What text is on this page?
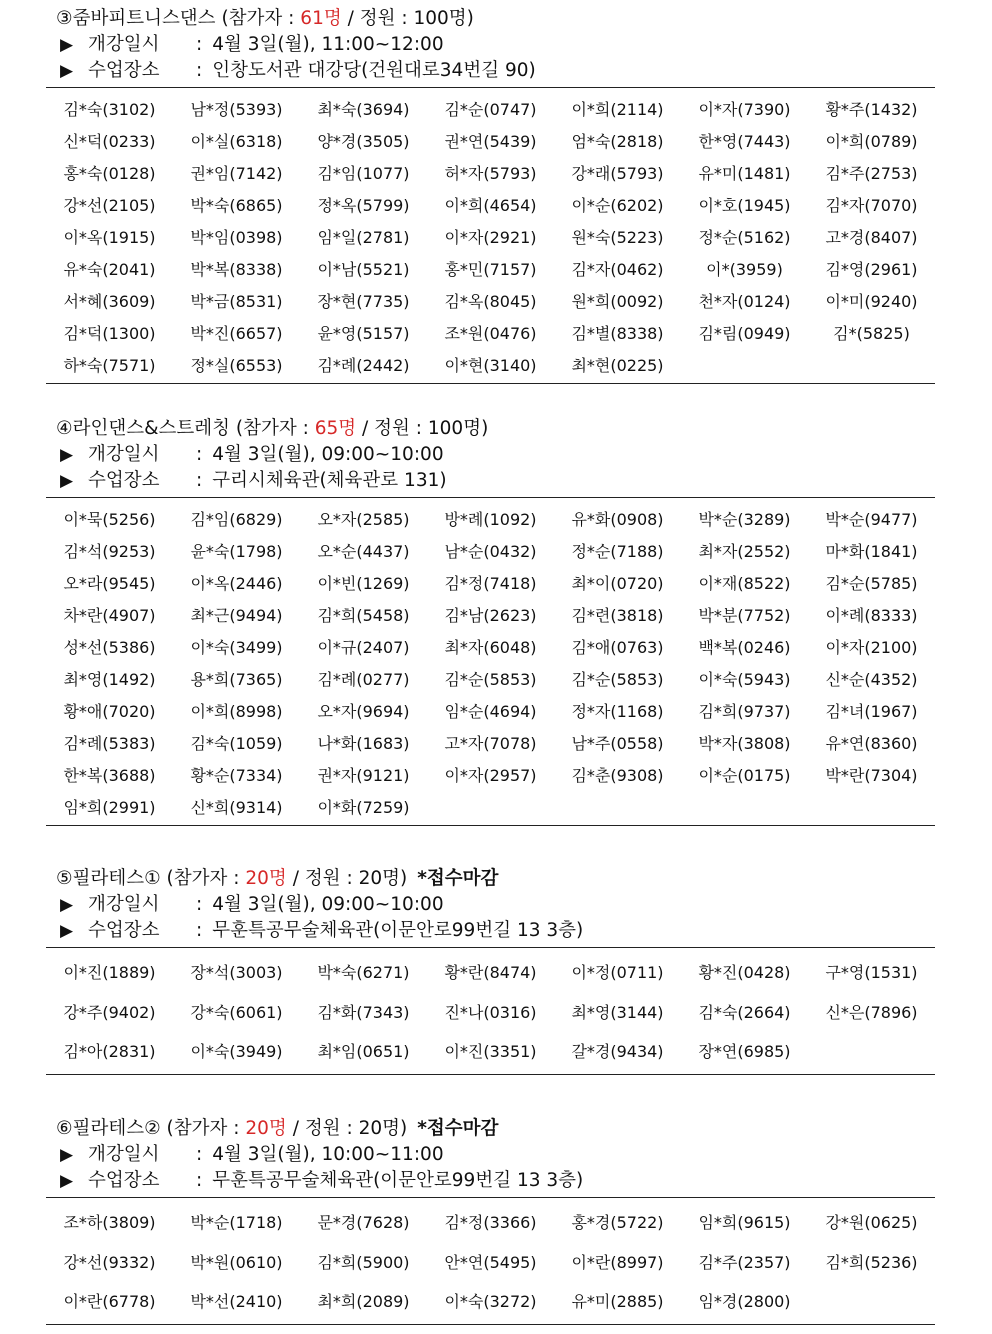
③줌바피트니스댄스 (참가자 : 61명 / 정원 : 100명)
▶ 개강일시 : 4월 3일(월), 11:00~12:00
▶ 수업장소 : 인창도서관 대강당(건원대로34번길 90)
김*숙(3102)	남*정(5393)	최*숙(3694)	김*순(0747)	이*희(2114)	이*자(7390)	황*주(1432)
신*덕(0233)	이*실(6318)	양*경(3505)	권*연(5439)	엄*숙(2818)	한*영(7443)	이*희(0789)
홍*숙(0128)	권*임(7142)	김*임(1077)	허*자(5793)	강*래(5793)	유*미(1481)	김*주(2753)
강*선(2105)	박*숙(6865)	정*옥(5799)	이*희(4654)	이*순(6202)	이*호(1945)	김*자(7070)
이*옥(1915)	박*임(0398)	임*일(2781)	이*자(2921)	원*숙(5223)	정*순(5162)	고*경(8407)
유*숙(2041)	박*복(8338)	이*남(5521)	홍*민(7157)	김*자(0462)	이*(3959)	김*영(2961)
서*혜(3609)	박*금(8531)	장*현(7735)	김*옥(8045)	원*희(0092)	천*자(0124)	이*미(9240)
김*덕(1300)	박*진(6657)	윤*영(5157)	조*원(0476)	김*별(8338)	김*림(0949)	김*(5825)
하*숙(7571)	정*실(6553)	김*례(2442)	이*현(3140)	최*현(0225)
④라인댄스&스트레칭 (참가자 : 65명 / 정원 : 100명)
▶ 개강일시 : 4월 3일(월), 09:00~10:00
▶ 수업장소 : 구리시체육관(체육관로 131)
이*묵(5256)	김*임(6829)	오*자(2585)	방*례(1092)	유*화(0908)	박*순(3289)	박*순(9477)
김*석(9253)	윤*숙(1798)	오*순(4437)	남*순(0432)	정*순(7188)	최*자(2552)	마*화(1841)
오*라(9545)	이*옥(2446)	이*빈(1269)	김*정(7418)	최*이(0720)	이*재(8522)	김*순(5785)
차*란(4907)	최*근(9494)	김*희(5458)	김*남(2623)	김*련(3818)	박*분(7752)	이*례(8333)
성*선(5386)	이*숙(3499)	이*규(2407)	최*자(6048)	김*애(0763)	백*복(0246)	이*자(2100)
최*영(1492)	용*희(7365)	김*례(0277)	김*순(5853)	김*순(5853)	이*숙(5943)	신*순(4352)
황*애(7020)	이*희(8998)	오*자(9694)	임*순(4694)	정*자(1168)	김*희(9737)	김*녀(1967)
김*례(5383)	김*숙(1059)	나*화(1683)	고*자(7078)	남*주(0558)	박*자(3808)	유*연(8360)
한*복(3688)	황*순(7334)	권*자(9121)	이*자(2957)	김*춘(9308)	이*순(0175)	박*란(7304)
임*희(2991)	신*희(9314)	이*화(7259)
⑤필라테스① (참가자 : 20명 / 정원 : 20명) *접수마감
▶ 개강일시 : 4월 3일(월), 09:00~10:00
▶ 수업장소 : 무훈특공무술체육관(이문안로99번길 13 3층)
이*진(1889)	장*석(3003)	박*숙(6271)	황*란(8474)	이*정(0711)	황*진(0428)	구*영(1531)
강*주(9402)	강*숙(6061)	김*화(7343)	진*나(0316)	최*영(3144)	김*숙(2664)	신*은(7896)
김*아(2831)	이*숙(3949)	최*임(0651)	이*진(3351)	갈*경(9434)	장*연(6985)
⑥필라테스② (참가자 : 20명 / 정원 : 20명) *접수마감
▶ 개강일시 : 4월 3일(월), 10:00~11:00
▶ 수업장소 : 무훈특공무술체육관(이문안로99번길 13 3층)
조*하(3809)	박*순(1718)	문*경(7628)	김*정(3366)	홍*경(5722)	임*희(9615)	강*원(0625)
강*선(9332)	박*원(0610)	김*희(5900)	안*연(5495)	이*란(8997)	김*주(2357)	김*희(5236)
이*란(6778)	박*선(2410)	최*희(2089)	이*숙(3272)	유*미(2885)	임*경(2800)
